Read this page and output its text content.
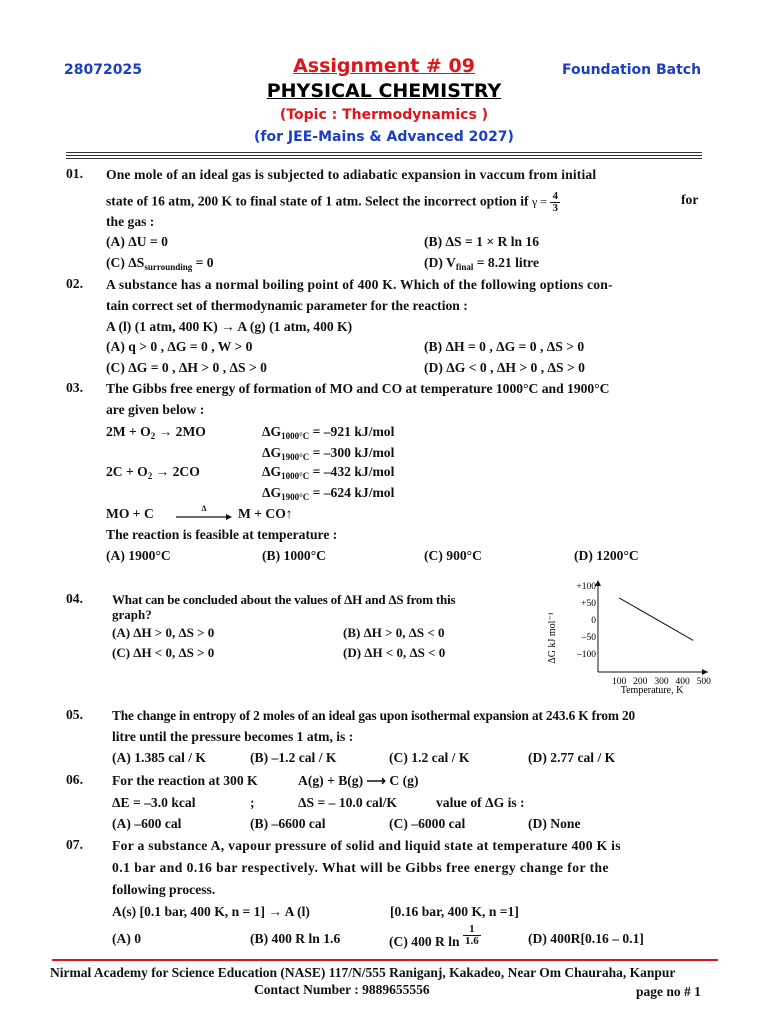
28072025	Assignment # 09	Foundation Batch
PHYSICAL CHEMISTRY
(Topic : Thermodynamics )
(for JEE-Mains & Advanced 2027)
01. One mole of an ideal gas is subjected to adiabatic expansion in vaccum from initial
state of 16 atm, 200 K to final state of 1 atm. Select the incorrect option if $\gamma = \frac{4}{3}$	for
the gas :
(A) ΔU = 0	(B) ΔS = 1 × R ln 16
(C) $\Delta S_{surrounding} = 0$	(D) $V_{final} = 8.21$ litre
02. A substance has a normal boiling point of 400 K. Which of the following options con-
tain correct set of thermodynamic parameter for the reaction :
A (l) (1 atm, 400 K) → A (g) (1 atm, 400 K)
(A) q > 0 , ΔG = 0 , W > 0	(B) ΔH = 0 , ΔG = 0 , ΔS > 0
(C) ΔG = 0 , ΔH > 0 , ΔS > 0	(D) ΔG < 0 , ΔH > 0 , ΔS > 0
03. The Gibbs free energy of formation of MO and CO at temperature 1000°C and 1900°C
are given below :
$2M + O_2 \to 2MO$	$\Delta G_{1000^\circ C} = -921$ kJ/mol
$\Delta G_{1900^\circ C} = -300$ kJ/mol
$2C + O_2 \to 2CO$	$\Delta G_{1000^\circ C} = -432$ kJ/mol
$\Delta G_{1900^\circ C} = -624$ kJ/mol
MO + C	Δ	M + CO↑
The reaction is feasible at temperature :
(A) 1900°C	(B) 1000°C	(C) 900°C	(D) 1200°C
04. What can be concluded about the values of ΔH and ΔS from this
graph?
(A) ΔH > 0, ΔS > 0	(B) ΔH > 0, ΔS < 0
(C) ΔH < 0, ΔS > 0	(D) ΔH < 0, ΔS < 0	ΔG kJ mol⁻¹
+100
+50
0
–50
–100
100 200 300 400 500
Temperature, K
05. The change in entropy of 2 moles of an ideal gas upon isothermal expansion at 243.6 K from 20
litre until the pressure becomes 1 atm, is :
(A) 1.385 cal / K	(B) –1.2 cal / K	(C) 1.2 cal / K	(D) 2.77 cal / K
06. For the reaction at 300 K	A(g) + B(g) ⟶ C (g)
ΔE = –3.0 kcal	;	ΔS = – 10.0 cal/K	value of ΔG is :
(A) –600 cal	(B) –6600 cal	(C) –6000 cal	(D) None
07. For a substance A, vapour pressure of solid and liquid state at temperature 400 K is
0.1 bar and 0.16 bar respectively. What will be Gibbs free energy change for the
following process.
A(s) [0.1 bar, 400 K, n = 1] → A (l)	[0.16 bar, 400 K, n =1]
(A) 0	(B) 400 R ln 1.6	(C) 400 R $\ln \frac{1}{1.6}$	(D) 400R[0.16 – 0.1]
Nirmal Academy for Science Education (NASE) 117/N/555 Raniganj, Kakadeo, Near Om Chauraha, Kanpur
Contact Number : 9889655556	page no # 1
